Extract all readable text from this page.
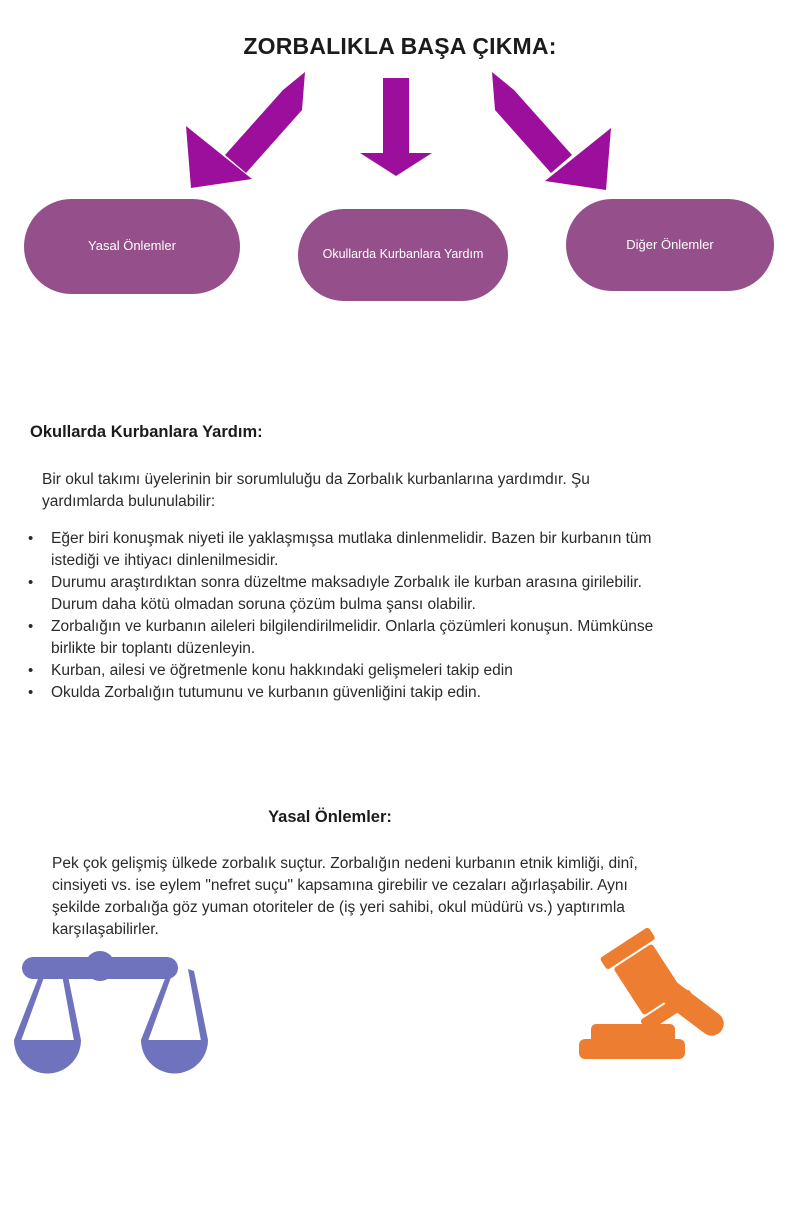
ZORBALIKLA BAŞA ÇIKMA:
Yasal Önlemler
Okullarda Kurbanlara Yardım
Diğer Önlemler
Okullarda Kurbanlara Yardım:
Bir okul takımı üyelerinin bir sorumluluğu da Zorbalık kurbanlarına yardımdır. Şu yardımlarda bulunulabilir:
• Eğer biri konuşmak niyeti ile yaklaşmışsa mutlaka dinlenmelidir. Bazen bir kurbanın tüm istediği ve ihtiyacı dinlenilmesidir.
• Durumu araştırdıktan sonra düzeltme maksadıyle Zorbalık ile kurban arasına girilebilir. Durum daha kötü olmadan soruna çözüm bulma şansı olabilir.
• Zorbalığın ve kurbanın aileleri bilgilendirilmelidir. Onlarla çözümleri konuşun. Mümkünse birlikte bir toplantı düzenleyin.
• Kurban, ailesi ve öğretmenle konu hakkındaki gelişmeleri takip edin
• Okulda Zorbalığın tutumunu ve kurbanın güvenliğini takip edin.
Yasal Önlemler:
Pek çok gelişmiş ülkede zorbalık suçtur. Zorbalığın nedeni kurbanın etnik kimliği, dinî, cinsiyeti vs. ise eylem "nefret suçu" kapsamına girebilir ve cezaları ağırlaşabilir. Aynı şekilde zorbalığa göz yuman otoriteler de (iş yeri sahibi, okul müdürü vs.) yaptırımla karşılaşabilirler.
